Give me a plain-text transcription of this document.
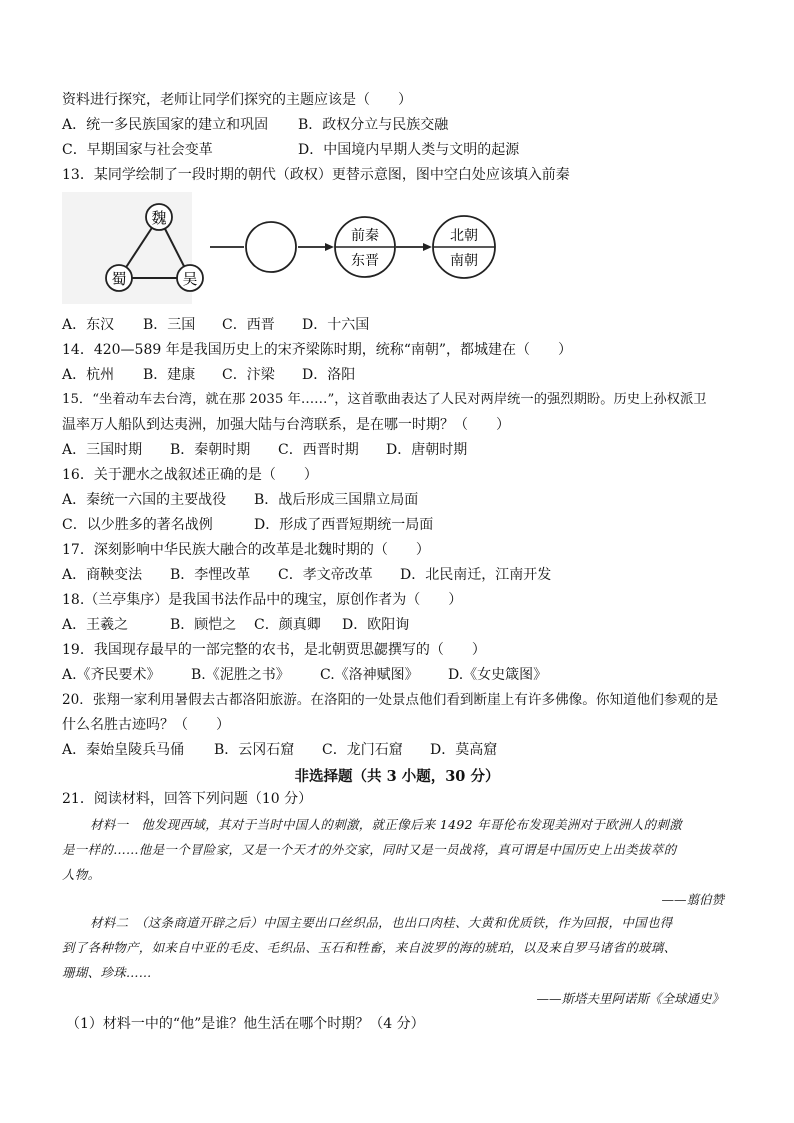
资料进行探究，老师让同学们探究的主题应该是（　　）
A．统一多民族国家的建立和巩固 B．政权分立与民族交融
C．早期国家与社会变革	D．中国境内早期人类与文明的起源
13．某同学绘制了一段时期的朝代（政权）更替示意图，图中空白处应该填入前秦
魏
蜀	吴
前秦
东晋
北朝
南朝
A．东汉 B．三国 C．西晋 D．十六国
14．420—589 年是我国历史上的宋齐梁陈时期，统称“南朝”，都城建在（　　）
A．杭州 B．建康 C．汴梁 D．洛阳
15．“坐着动车去台湾，就在那 2035 年……”，这首歌曲表达了人民对两岸统一的强烈期盼。历史上孙权派卫
温率万人船队到达夷洲，加强大陆与台湾联系，是在哪一时期？（　　）
A．三国时期 B．秦朝时期 C．西晋时期 D．唐朝时期
16．关于淝水之战叙述正确的是（　　）
A．秦统一六国的主要战役 B．战后形成三国鼎立局面
C．以少胜多的著名战例	D．形成了西晋短期统一局面
17．深刻影响中华民族大融合的改革是北魏时期的（　　）
A．商鞅变法 B．李悝改革 C．孝文帝改革 D．北民南迁，江南开发
18.（兰亭集序）是我国书法作品中的瑰宝，原创作者为（　　）
A．王羲之	B．顾恺之 C．颜真卿 D．欧阳询
19．我国现存最早的一部完整的农书，是北朝贾思勰撰写的（　　）
A.《齐民要术》 B.《泥胜之书》 C.《洛神赋图》 D.《女史箴图》
20．张翔一家利用暑假去古都洛阳旅游。在洛阳的一处景点他们看到断崖上有许多佛像。你知道他们参观的是
什么名胜古迹吗？（　　）
A．秦始皇陵兵马俑 B．云冈石窟 C．龙门石窟 D．莫高窟
非选择题（共 3 小题，30 分）
21．阅读材料，回答下列问题（10 分）
材料一　他发现西域，其对于当时中国人的刺激，就正像后来 1492 年哥伦布发现美洲对于欧洲人的刺激
是一样的……他是一个冒险家，又是一个天才的外交家，同时又是一员战将，真可谓是中国历史上出类拔萃的
人物。
——翦伯赞
材料二　（这条商道开辟之后）中国主要出口丝织品，也出口肉桂、大黄和优质铁，作为回报，中国也得
到了各种物产，如来自中亚的毛皮、毛织品、玉石和牲畜，来自波罗的海的琥珀，以及来自罗马诸省的玻璃、
珊瑚、珍珠……
——斯塔夫里阿诺斯《全球通史》
（1）材料一中的“他”是谁？他生活在哪个时期？（4 分）
